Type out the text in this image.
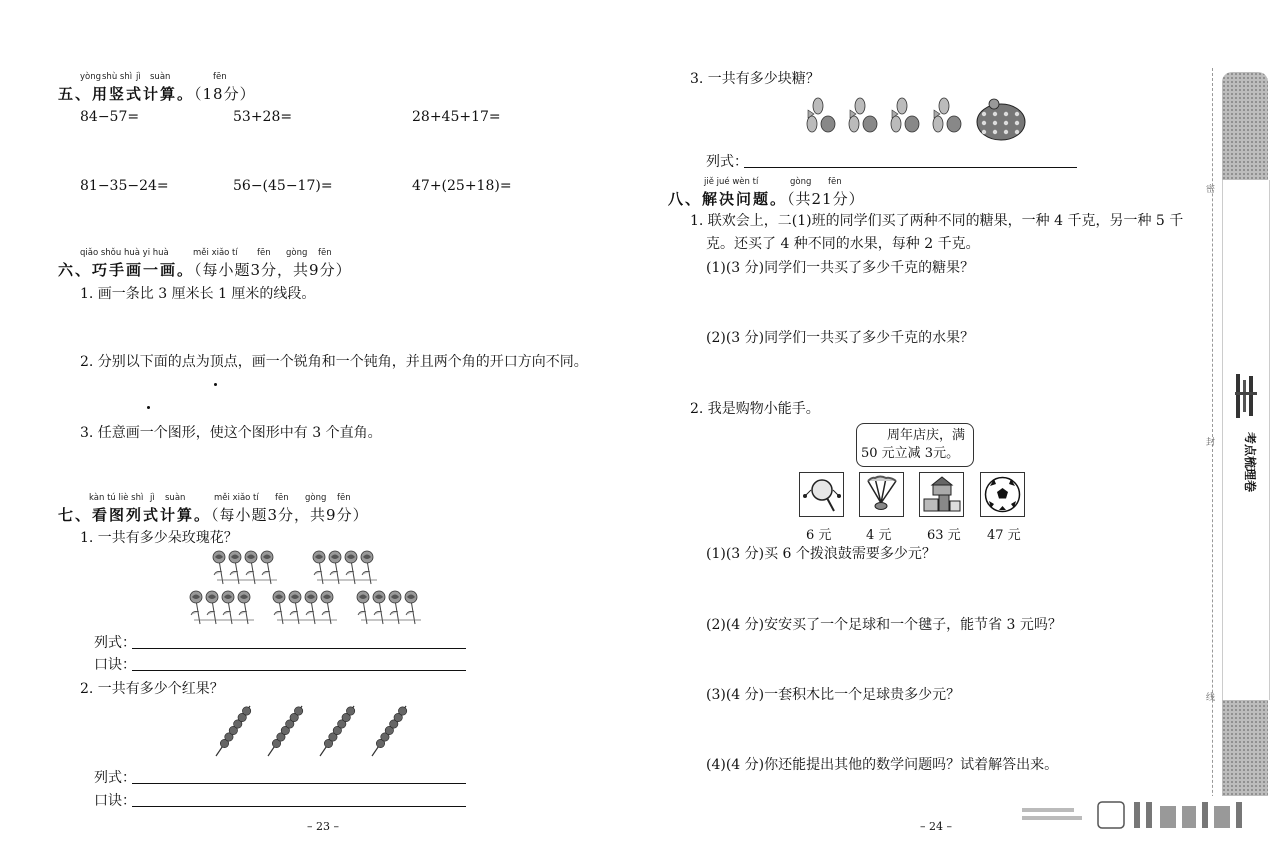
yòng shù shì jì suàn	fēn
五、用竖式计算。（18分）
84−57=	53+28=	28+45+17=
81−35−24=	56−(45−17)=	47+(25+18)=
qiǎo shǒu huà yi huà	měi xiǎo tí fēn gòng fēn
六、巧手画一画。（每小题3分，共9分）
1. 画一条比 3 厘米长 1 厘米的线段。
2. 分别以下面的点为顶点，画一个锐角和一个钝角，并且两个角的开口方向不同。
3. 任意画一个图形，使这个图形中有 3 个直角。
kàn tú liè shì jì suàn	měi xiǎo tí fēn gòng fēn
七、看图列式计算。（每小题3分，共9分）
1. 一共有多少朵玫瑰花？
列式：
口诀：
2. 一共有多少个红果？
列式：
口诀：
– 23 –
3. 一共有多少块糖？
列式：
jiě jué wèn tí	gòng fēn
八、解决问题。（共21分）
1. 联欢会上，二(1)班的同学们买了两种不同的糖果，一种 4 千克，另一种 5 千
克。还买了 4 种不同的水果，每种 2 千克。
(1)(3 分)同学们一共买了多少千克的糖果？
(2)(3 分)同学们一共买了多少千克的水果？
2. 我是购物小能手。
周年店庆，满
50 元立减 3元。
6 元	4 元	63 元 47 元
(1)(3 分)买 6 个拨浪鼓需要多少元？
(2)(4 分)安安买了一个足球和一个毽子，能节省 3 元吗？
(3)(4 分)一套积木比一个足球贵多少元？
(4)(4 分)你还能提出其他的数学问题吗？试着解答出来。
– 24 –
密
封
线
考点梳理卷
